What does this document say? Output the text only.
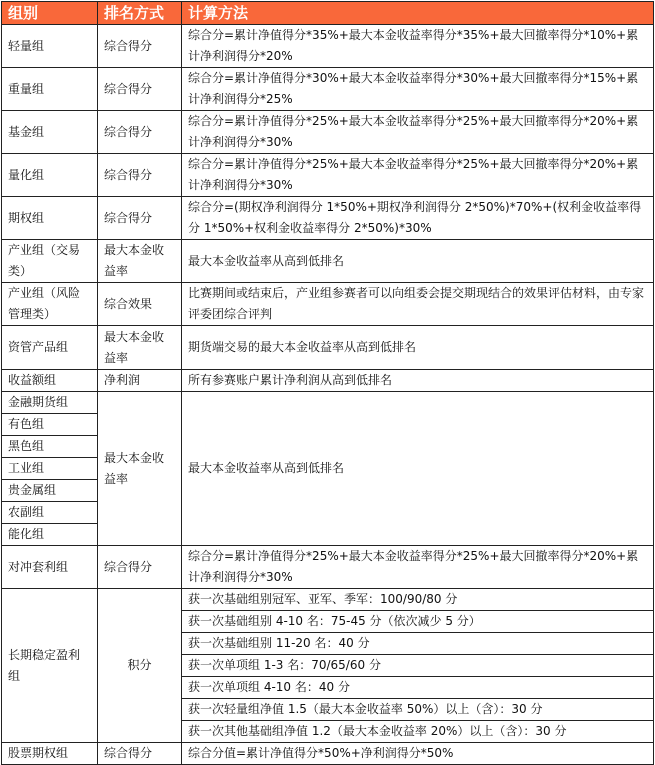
组别	排名方式	计算方法
轻量组	综合得分	综合分=累计净值得分*35%+最大本金收益率得分*35%+最大回撤率得分*10%+累计净利润得分*20%
重量组	综合得分	综合分=累计净值得分*30%+最大本金收益率得分*30%+最大回撤率得分*15%+累计净利润得分*25%
基金组	综合得分	综合分=累计净值得分*25%+最大本金收益率得分*25%+最大回撤率得分*20%+累计净利润得分*30%
量化组	综合得分	综合分=累计净值得分*25%+最大本金收益率得分*25%+最大回撤率得分*20%+累计净利润得分*30%
期权组	综合得分	综合分=(期权净利润得分 1*50%+期权净利润得分 2*50%)*70%+(权利金收益率得分 1*50%+权利金收益率得分 2*50%)*30%
产业组（交易类）	最大本金收益率	最大本金收益率从高到低排名
产业组（风险管理类）	综合效果	比赛期间或结束后，产业组参赛者可以向组委会提交期现结合的效果评估材料，由专家评委团综合评判
资管产品组	最大本金收益率	期货端交易的最大本金收益率从高到低排名
收益额组	净利润	所有参赛账户累计净利润从高到低排名
金融期货组	最大本金收益率	最大本金收益率从高到低排名
有色组		
黑色组		
工业组		
贵金属组		
农副组		
能化组		
对冲套利组	综合得分	综合分=累计净值得分*25%+最大本金收益率得分*25%+最大回撤率得分*20%+累计净利润得分*30%
长期稳定盈利组	积分	获一次基础组别冠军、亚军、季军：100/90/80 分
		获一次基础组别 4-10 名：75-45 分（依次减少 5 分）
		获一次基础组别 11-20 名：40 分
		获一次单项组 1-3 名：70/65/60 分
		获一次单项组 4-10 名：40 分
		获一次轻量组净值 1.5（最大本金收益率 50%）以上（含）：30 分
		获一次其他基础组净值 1.2（最大本金收益率 20%）以上（含）：30 分
股票期权组	综合得分	综合分值=累计净值得分*50%+净利润得分*50%
